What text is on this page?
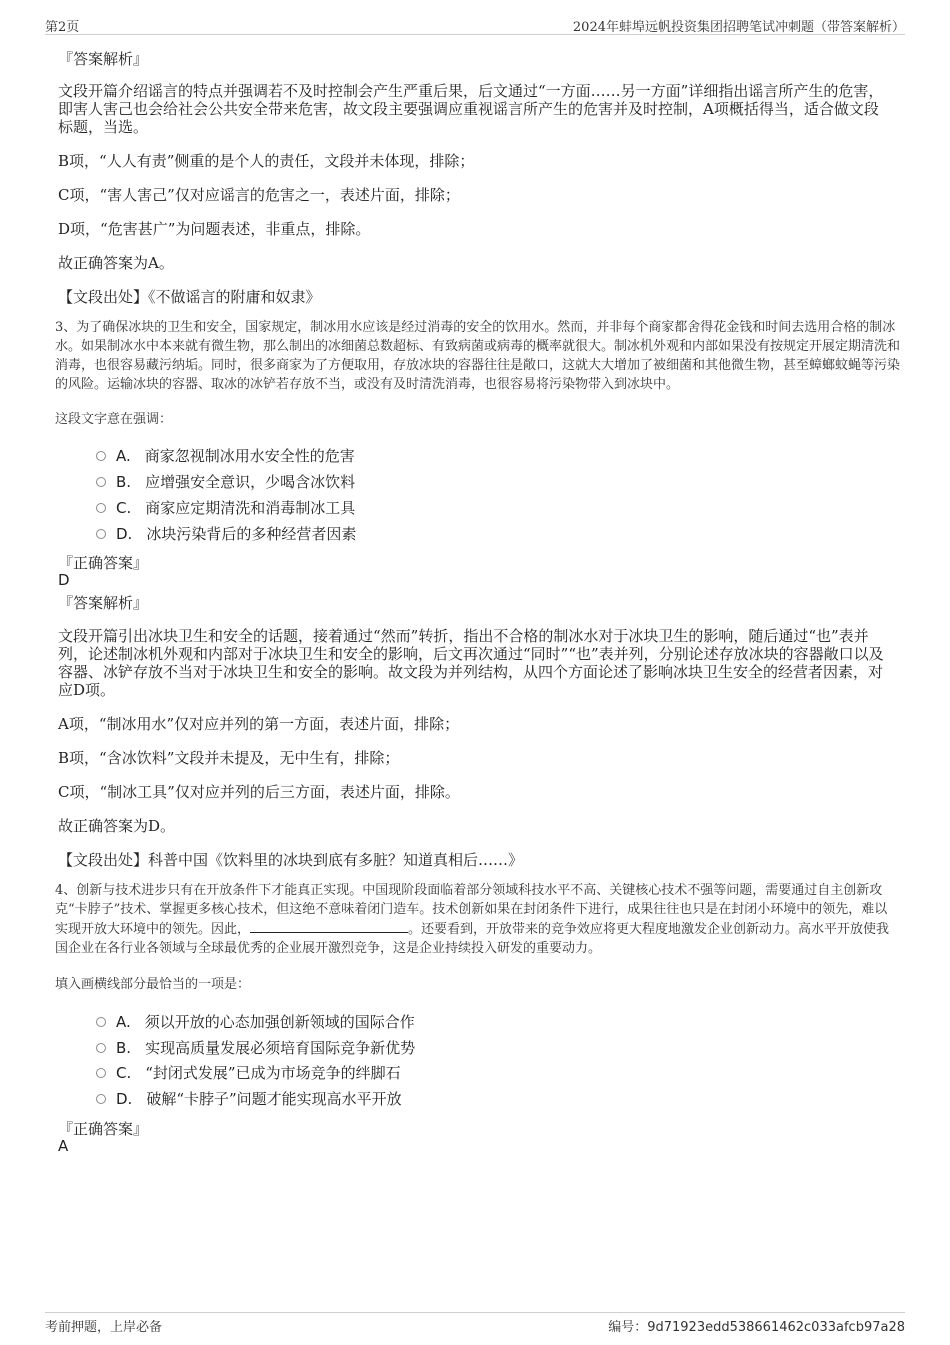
第2页	2024年蚌埠远帆投资集团招聘笔试冲刺题（带答案解析）
『答案解析』
文段开篇介绍谣言的特点并强调若不及时控制会产生严重后果，后文通过“一方面……另一方面”详细指出谣言所产生的危害，即害人害己也会给社会公共安全带来危害，故文段主要强调应重视谣言所产生的危害并及时控制，A项概括得当，适合做文段标题，当选。
B项，“人人有责”侧重的是个人的责任，文段并未体现，排除；
C项，“害人害己”仅对应谣言的危害之一，表述片面，排除；
D项，“危害甚广”为问题表述，非重点，排除。
故正确答案为A。
【文段出处】《不做谣言的附庸和奴隶》
3、为了确保冰块的卫生和安全，国家规定，制冰用水应该是经过消毒的安全的饮用水。然而，并非每个商家都舍得花金钱和时间去选用合格的制冰水。如果制冰水中本来就有微生物，那么制出的冰细菌总数超标、有致病菌或病毒的概率就很大。制冰机外观和内部如果没有按规定开展定期清洗和消毒，也很容易藏污纳垢。同时，很多商家为了方便取用，存放冰块的容器往往是敞口，这就大大增加了被细菌和其他微生物，甚至蟑螂蚊蝇等污染的风险。运输冰块的容器、取冰的冰铲若存放不当，或没有及时清洗消毒，也很容易将污染物带入到冰块中。
这段文字意在强调：
A. 商家忽视制冰用水安全性的危害
B. 应增强安全意识，少喝含冰饮料
C. 商家应定期清洗和消毒制冰工具
D. 冰块污染背后的多种经营者因素
『正确答案』
D
『答案解析』
文段开篇引出冰块卫生和安全的话题，接着通过“然而”转折，指出不合格的制冰水对于冰块卫生的影响，随后通过“也”表并列，论述制冰机外观和内部对于冰块卫生和安全的影响，后文再次通过“同时”“也”表并列，分别论述存放冰块的容器敞口以及容器、冰铲存放不当对于冰块卫生和安全的影响。故文段为并列结构，从四个方面论述了影响冰块卫生安全的经营者因素，对应D项。
A项，“制冰用水”仅对应并列的第一方面，表述片面，排除；
B项，“含冰饮料”文段并未提及，无中生有，排除；
C项，“制冰工具”仅对应并列的后三方面，表述片面，排除。
故正确答案为D。
【文段出处】科普中国《饮料里的冰块到底有多脏？知道真相后……》
4、创新与技术进步只有在开放条件下才能真正实现。中国现阶段面临着部分领域科技水平不高、关键核心技术不强等问题，需要通过自主创新攻克“卡脖子”技术、掌握更多核心技术，但这绝不意味着闭门造车。技术创新如果在封闭条件下进行，成果往往也只是在封闭小环境中的领先，难以实现开放大环境中的领先。因此，	。还要看到，开放带来的竞争效应将更大程度地激发企业创新动力。高水平开放使我国企业在各行业各领域与全球最优秀的企业展开激烈竞争，这是企业持续投入研发的重要动力。
填入画横线部分最恰当的一项是：
A. 须以开放的心态加强创新领域的国际合作
B. 实现高质量发展必须培育国际竞争新优势
C. “封闭式发展”已成为市场竞争的绊脚石
D. 破解“卡脖子”问题才能实现高水平开放
『正确答案』
A
考前押题，上岸必备	编号：9d71923edd538661462c033afcb97a28
